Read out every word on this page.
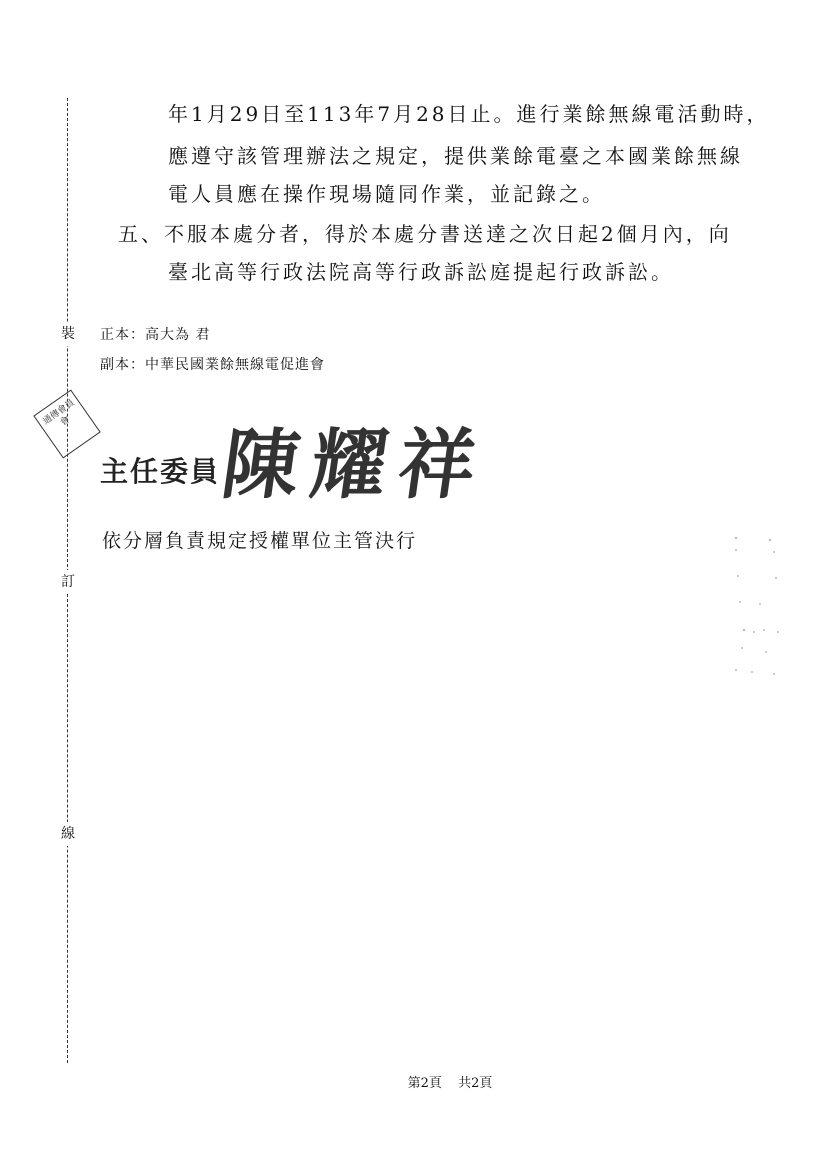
裝
訂
線
年1月29日至113年7月28日止。進行業餘無線電活動時，
應遵守該管理辦法之規定，提供業餘電臺之本國業餘無線
電人員應在操作現場隨同作業，並記錄之。
五、不服本處分者，得於本處分書送達之次日起2個月內，向
臺北高等行政法院高等行政訴訟庭提起行政訴訟。
正本：高大為 君
副本：中華民國業餘無線電促進會
通傳會員會
主任委員
陳耀祥
依分層負責規定授權單位主管決行
第2頁 共2頁
